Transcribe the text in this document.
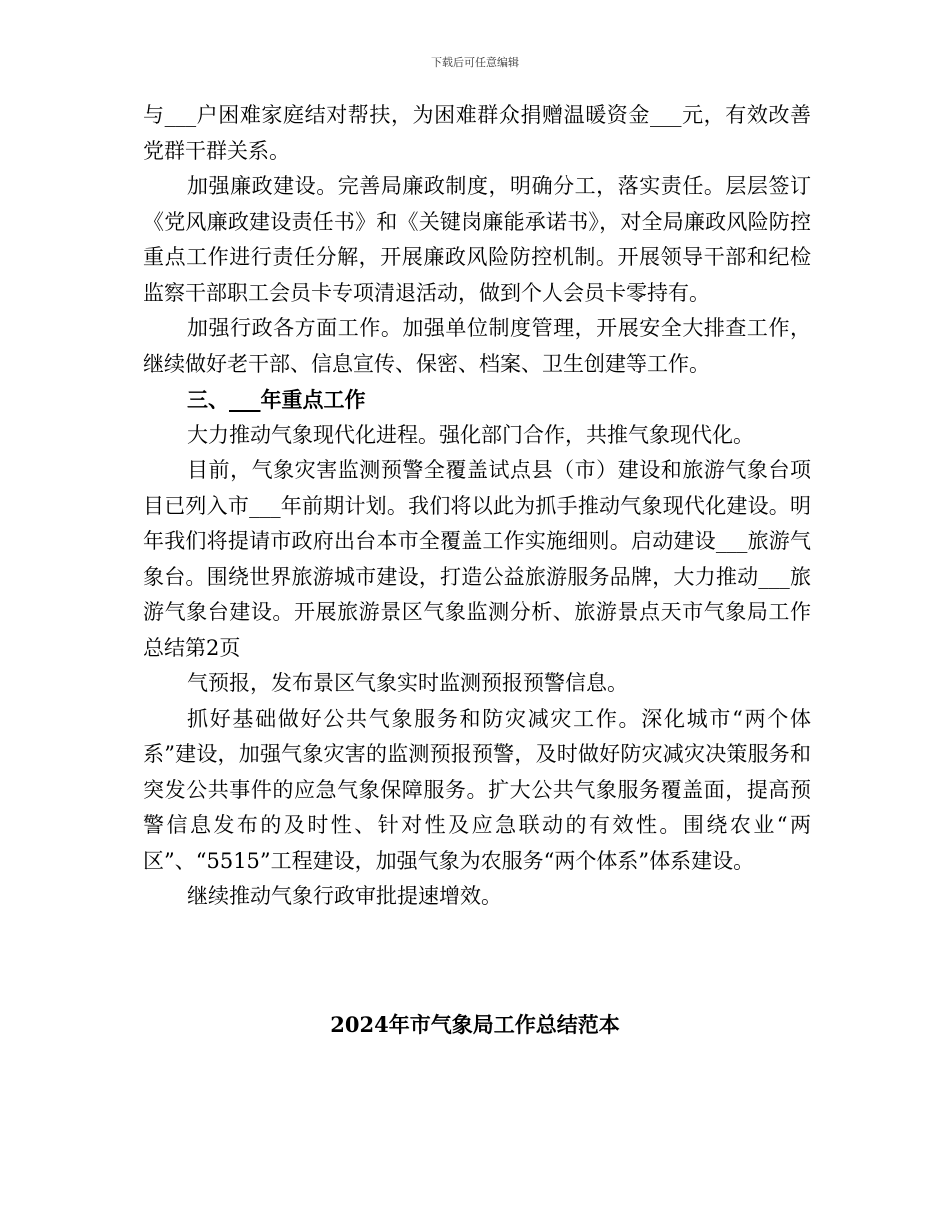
下载后可任意编辑

与___户困难家庭结对帮扶，为困难群众捐赠温暖资金___元，有效改善党群干群关系。

加强廉政建设。完善局廉政制度，明确分工，落实责任。层层签订《党风廉政建设责任书》和《关键岗廉能承诺书》，对全局廉政风险防控重点工作进行责任分解，开展廉政风险防控机制。开展领导干部和纪检监察干部职工会员卡专项清退活动，做到个人会员卡零持有。

加强行政各方面工作。加强单位制度管理，开展安全大排查工作，继续做好老干部、信息宣传、保密、档案、卫生创建等工作。

三、___年重点工作

大力推动气象现代化进程。强化部门合作，共推气象现代化。

目前，气象灾害监测预警全覆盖试点县（市）建设和旅游气象台项目已列入市___年前期计划。我们将以此为抓手推动气象现代化建设。明年我们将提请市政府出台本市全覆盖工作实施细则。启动建设___旅游气象台。围绕世界旅游城市建设，打造公益旅游服务品牌，大力推动___旅游气象台建设。开展旅游景区气象监测分析、旅游景点天市气象局工作总结第2页

气预报，发布景区气象实时监测预报预警信息。

抓好基础做好公共气象服务和防灾减灾工作。深化城市“两个体系”建设，加强气象灾害的监测预报预警，及时做好防灾减灾决策服务和突发公共事件的应急气象保障服务。扩大公共气象服务覆盖面，提高预警信息发布的及时性、针对性及应急联动的有效性。围绕农业“两区”、“5515”工程建设，加强气象为农服务“两个体系”体系建设。

继续推动气象行政审批提速增效。

2024年市气象局工作总结范本
